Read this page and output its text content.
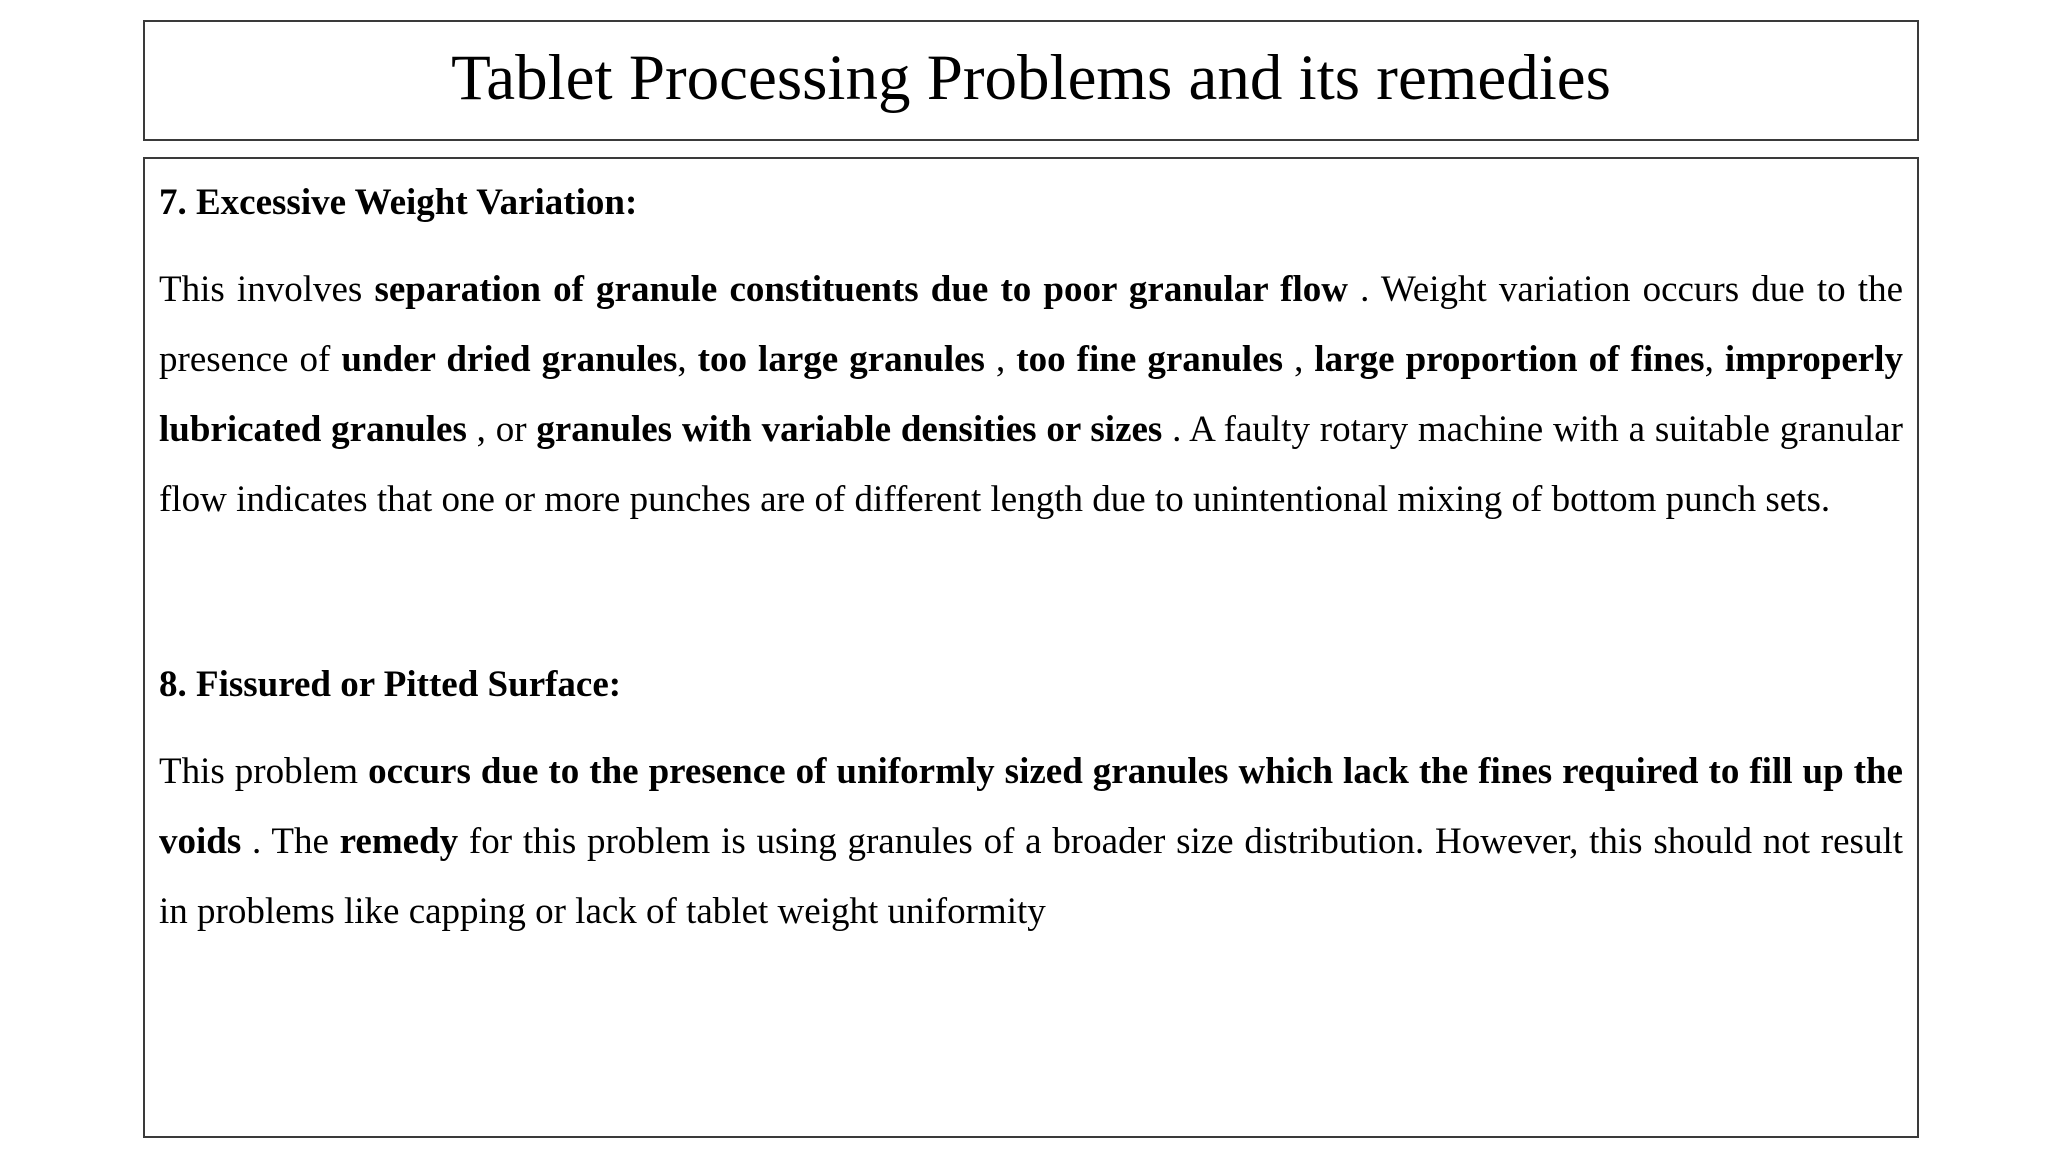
Tablet Processing Problems and its remedies

7. Excessive Weight Variation:

This involves separation of granule constituents due to poor granular flow . Weight variation occurs due to the presence of under dried granules, too large granules , too fine granules , large proportion of fines, improperly lubricated granules , or granules with variable densities or sizes . A faulty rotary machine with a suitable granular flow indicates that one or more punches are of different length due to unintentional mixing of bottom punch sets.

8. Fissured or Pitted Surface:

This problem occurs due to the presence of uniformly sized granules which lack the fines required to fill up the voids . The remedy for this problem is using granules of a broader size distribution. However, this should not result in problems like capping or lack of tablet weight uniformity
